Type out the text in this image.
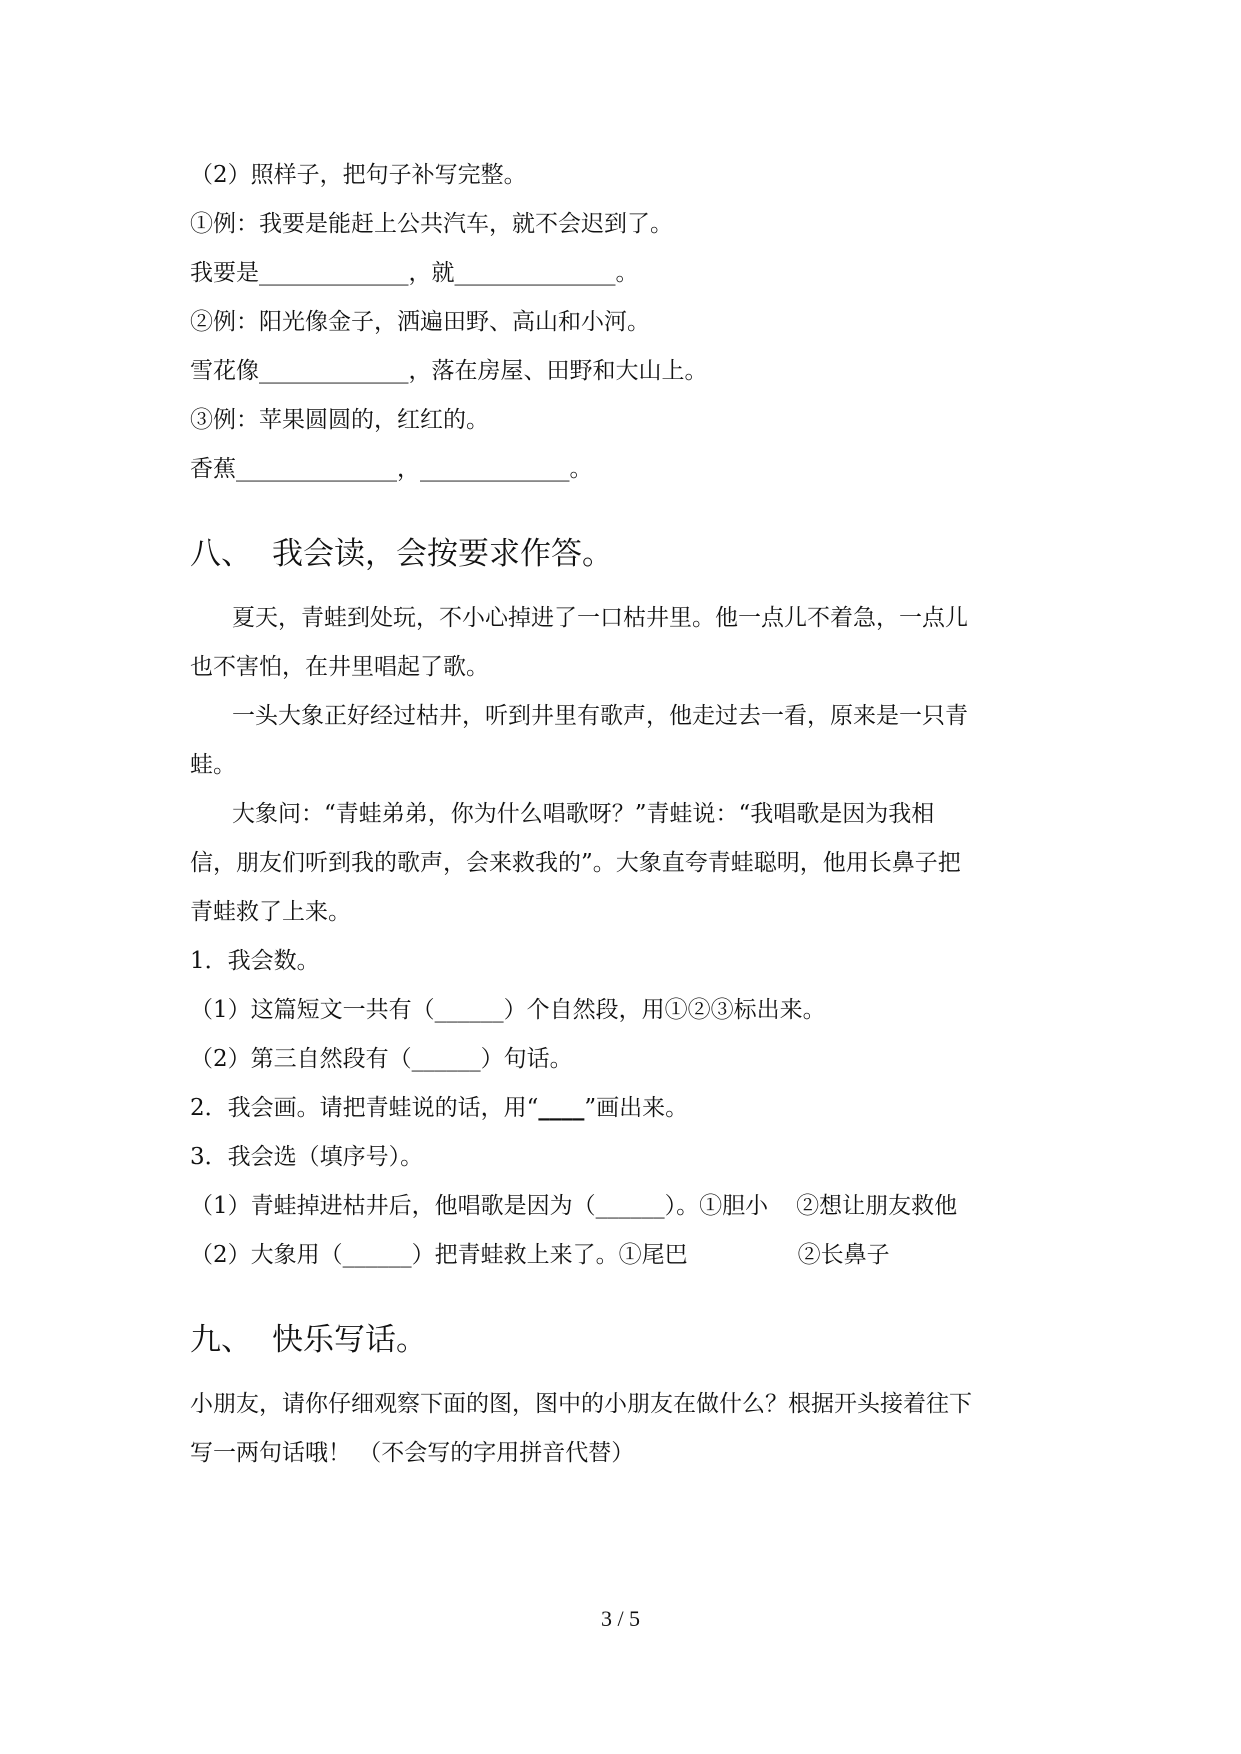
（2）照样子，把句子补写完整。
①例：我要是能赶上公共汽车，就不会迟到了。
我要是_____________，就______________。
②例：阳光像金子，洒遍田野、高山和小河。
雪花像_____________，落在房屋、田野和大山上。
③例：苹果圆圆的，红红的。
香蕉______________，_____________。
八、 我会读，会按要求作答。
夏天，青蛙到处玩，不小心掉进了一口枯井里。他一点儿不着急，一点儿
也不害怕，在井里唱起了歌。
一头大象正好经过枯井，听到井里有歌声，他走过去一看，原来是一只青
蛙。
大象问：“青蛙弟弟，你为什么唱歌呀？”青蛙说：“我唱歌是因为我相
信，朋友们听到我的歌声，会来救我的”。大象直夸青蛙聪明，他用长鼻子把
青蛙救了上来。
1．我会数。
（1）这篇短文一共有（______）个自然段，用①②③标出来。
（2）第三自然段有（______）句话。
2．我会画。请把青蛙说的话，用“____”画出来。
3．我会选（填序号）。
（1）青蛙掉进枯井后，他唱歌是因为（______）。①胆小 ②想让朋友救他
（2）大象用（______）把青蛙救上来了。①尾巴	②长鼻子
九、 快乐写话。
小朋友，请你仔细观察下面的图，图中的小朋友在做什么？根据开头接着往下
写一两句话哦！ （不会写的字用拼音代替）
3 / 5
